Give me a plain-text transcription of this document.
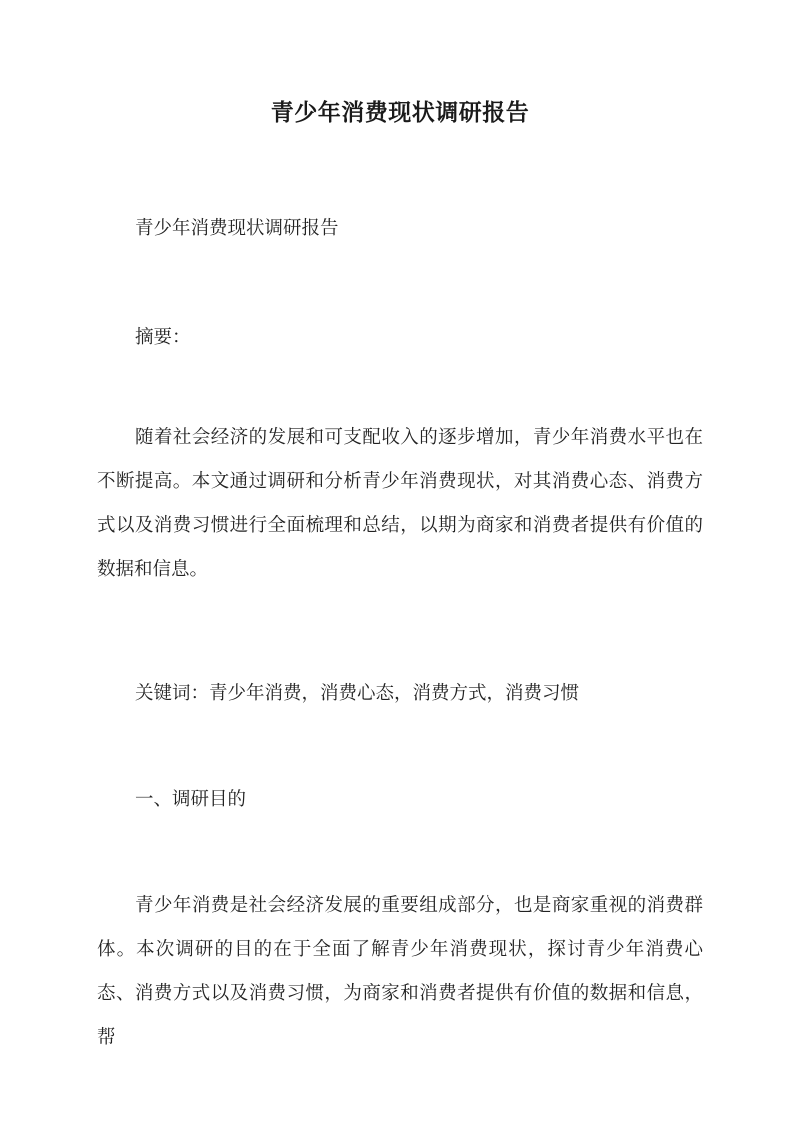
青少年消费现状调研报告
青少年消费现状调研报告
摘要：
随着社会经济的发展和可支配收入的逐步增加，青少年消费水平也在不断提高。本文通过调研和分析青少年消费现状，对其消费心态、消费方式以及消费习惯进行全面梳理和总结，以期为商家和消费者提供有价值的数据和信息。
关键词：青少年消费，消费心态，消费方式，消费习惯
一、调研目的
青少年消费是社会经济发展的重要组成部分，也是商家重视的消费群体。本次调研的目的在于全面了解青少年消费现状，探讨青少年消费心态、消费方式以及消费习惯，为商家和消费者提供有价值的数据和信息，帮
